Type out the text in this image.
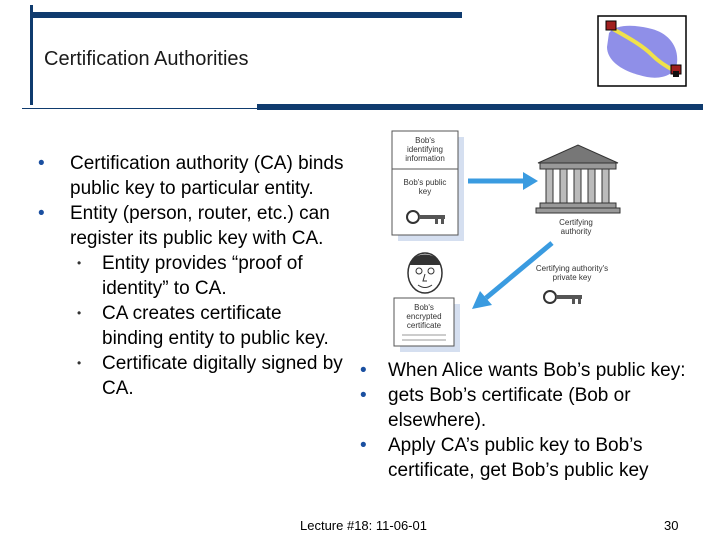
Certification Authorities
• Certification authority (CA) binds public key to particular entity.
• Entity (person, router, etc.) can register its public key with CA.
• Entity provides “proof of identity” to CA.
• CA creates certificate binding entity to public key.
• Certificate digitally signed by CA.
Bob's
identifying
information
Bob's public
key
Certifying
authority
Certifying authority's
private key
Bob's
encrypted
certificate
• When Alice wants Bob’s public key:
• gets Bob’s certificate (Bob or elsewhere).
• Apply CA’s public key to Bob’s certificate, get Bob’s public key
Lecture #18: 11-06-01	30
